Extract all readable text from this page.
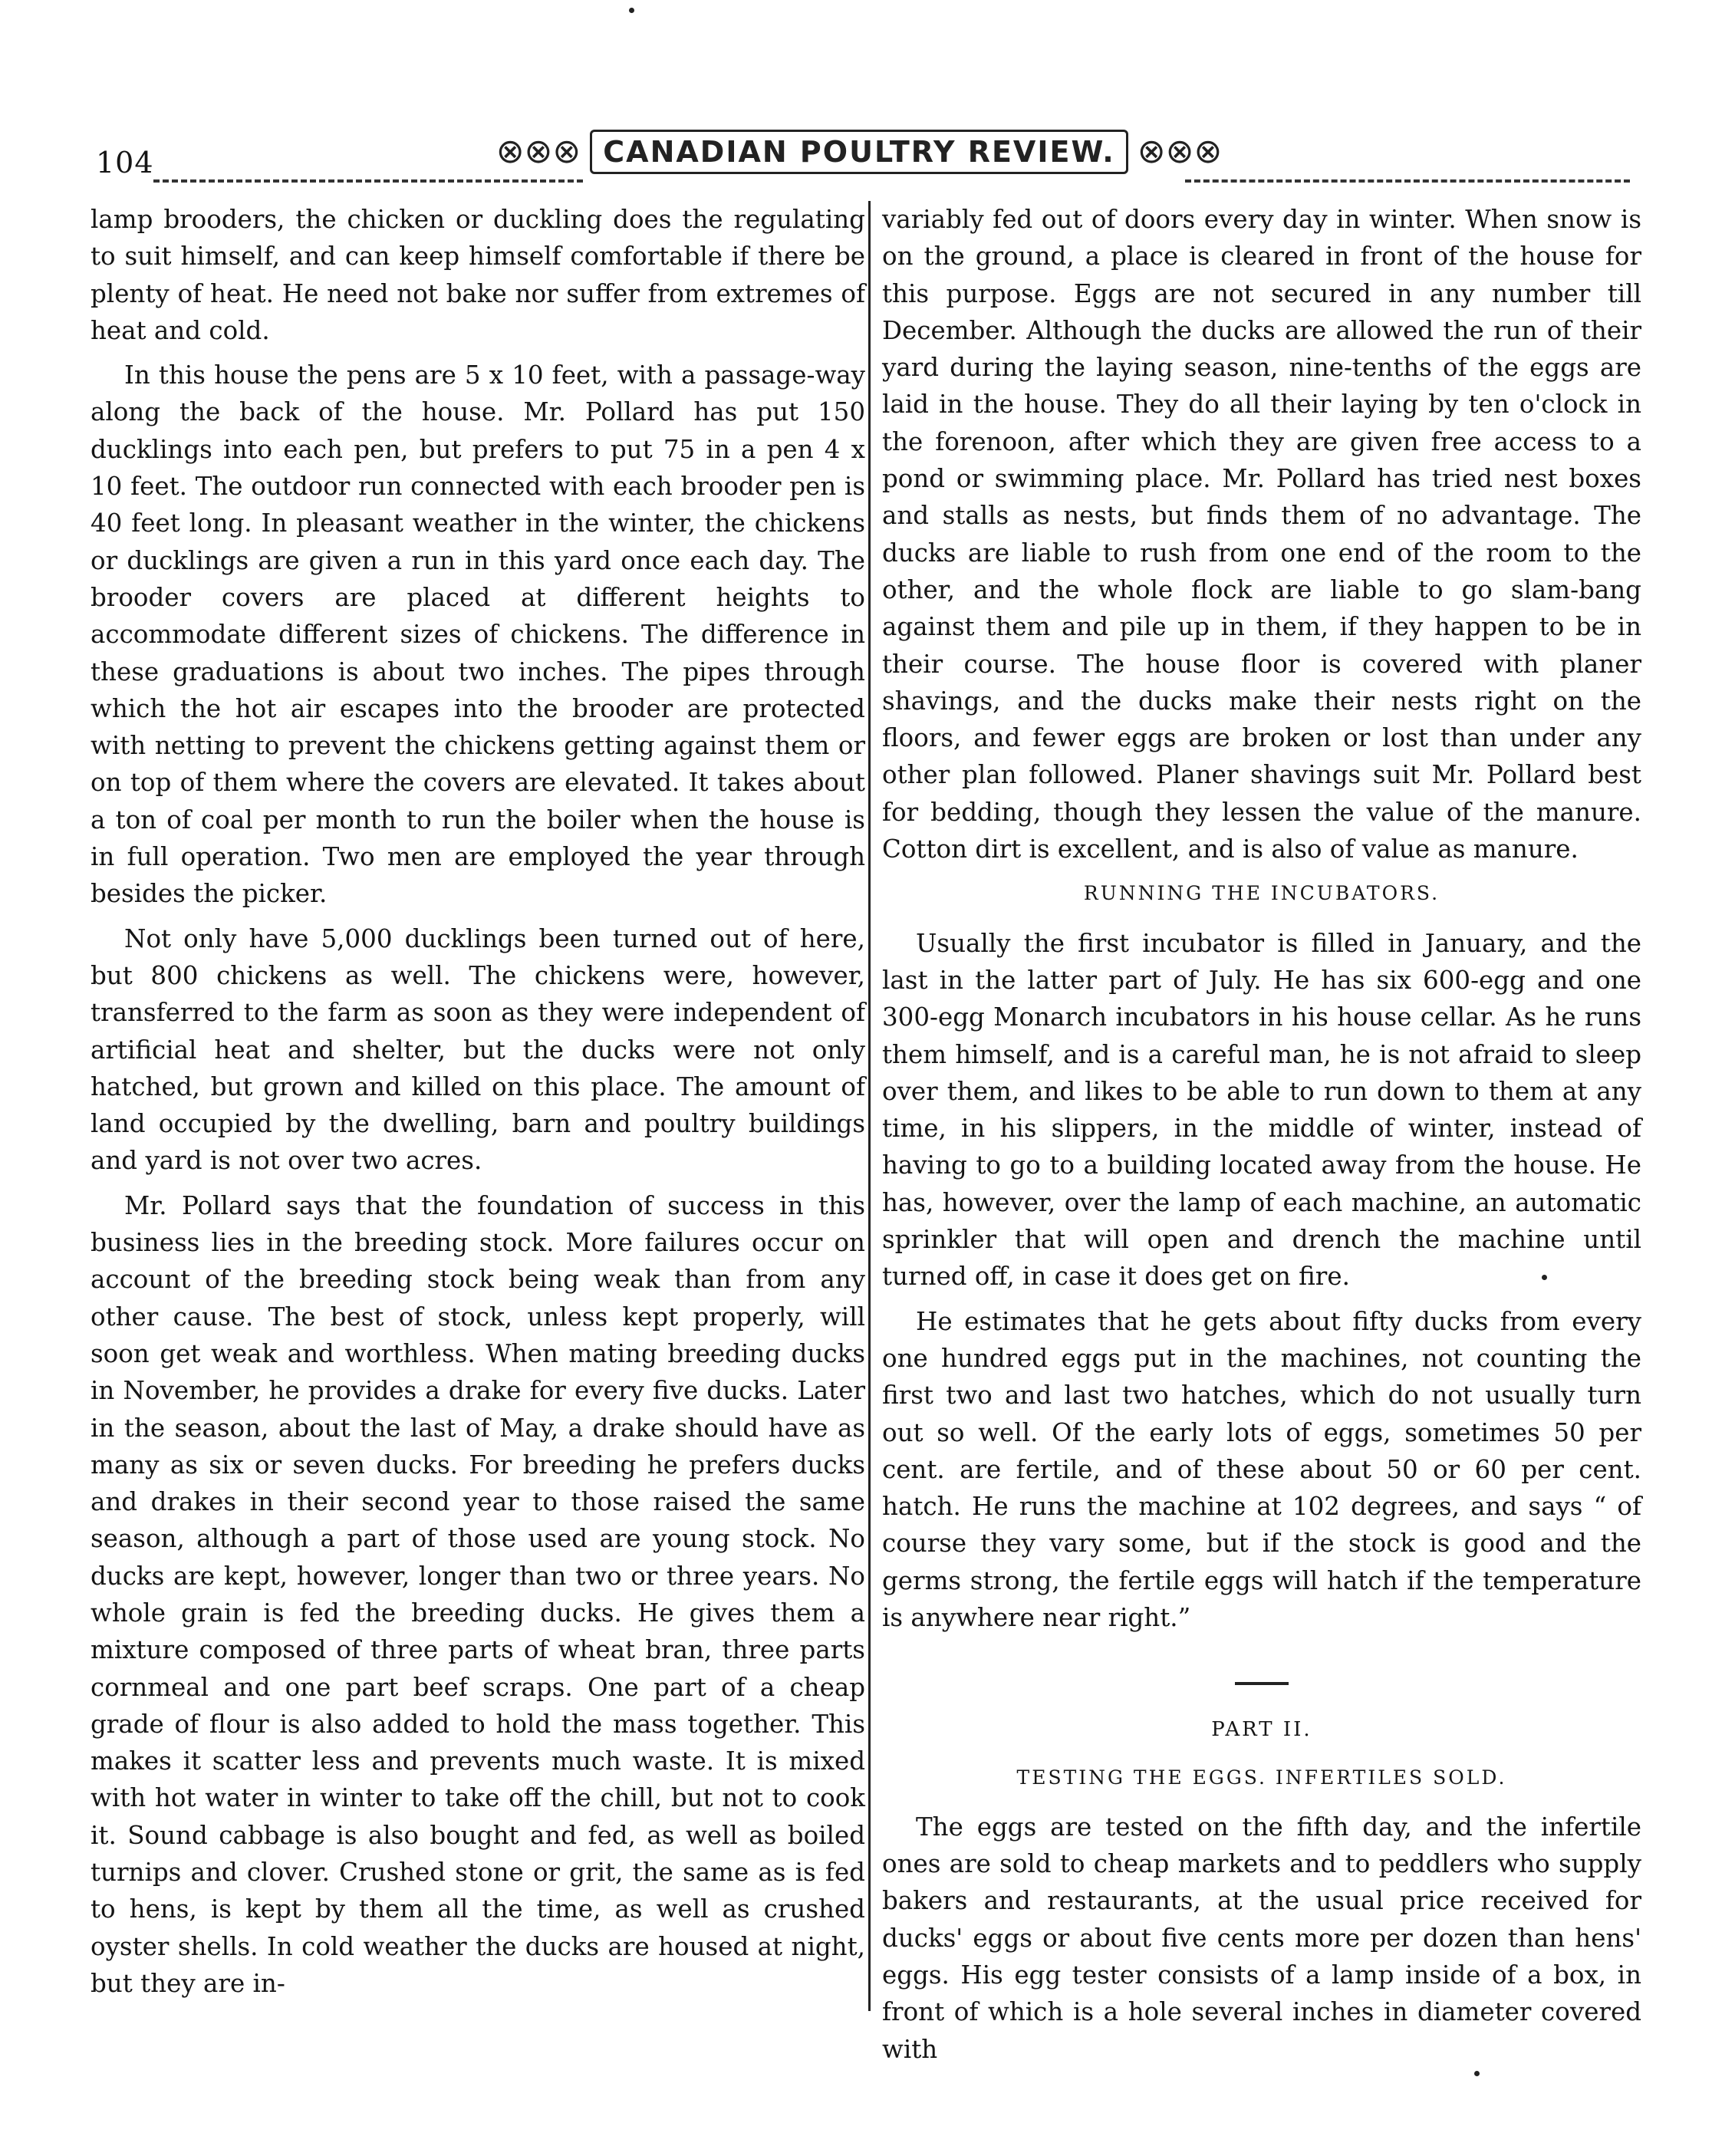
104	⊗⊗⊗ CANADIAN POULTRY REVIEW. ⊗⊗⊗

lamp brooders, the chicken or duckling does the regulating to suit himself, and can keep himself comfortable if there be plenty of heat. He need not bake nor suffer from extremes of heat and cold.

In this house the pens are 5 x 10 feet, with a passage-way along the back of the house. Mr. Pollard has put 150 ducklings into each pen, but prefers to put 75 in a pen 4 x 10 feet. The outdoor run connected with each brooder pen is 40 feet long. In pleasant weather in the winter, the chickens or ducklings are given a run in this yard once each day. The brooder covers are placed at different heights to accommodate different sizes of chickens. The difference in these graduations is about two inches. The pipes through which the hot air escapes into the brooder are protected with netting to prevent the chickens getting against them or on top of them where the covers are elevated. It takes about a ton of coal per month to run the boiler when the house is in full operation. Two men are employed the year through besides the picker.

Not only have 5,000 ducklings been turned out of here, but 800 chickens as well. The chickens were, however, transferred to the farm as soon as they were independent of artificial heat and shelter, but the ducks were not only hatched, but grown and killed on this place. The amount of land occupied by the dwelling, barn and poultry buildings and yard is not over two acres.

Mr. Pollard says that the foundation of success in this business lies in the breeding stock. More failures occur on account of the breeding stock being weak than from any other cause. The best of stock, unless kept properly, will soon get weak and worthless. When mating breeding ducks in November, he provides a drake for every five ducks. Later in the season, about the last of May, a drake should have as many as six or seven ducks. For breeding he prefers ducks and drakes in their second year to those raised the same season, although a part of those used are young stock. No ducks are kept, however, longer than two or three years. No whole grain is fed the breeding ducks. He gives them a mixture composed of three parts of wheat bran, three parts cornmeal and one part beef scraps. One part of a cheap grade of flour is also added to hold the mass together. This makes it scatter less and prevents much waste. It is mixed with hot water in winter to take off the chill, but not to cook it. Sound cabbage is also bought and fed, as well as boiled turnips and clover. Crushed stone or grit, the same as is fed to hens, is kept by them all the time, as well as crushed oyster shells. In cold weather the ducks are housed at night, but they are in-

variably fed out of doors every day in winter. When snow is on the ground, a place is cleared in front of the house for this purpose. Eggs are not secured in any number till December. Although the ducks are allowed the run of their yard during the laying season, nine-tenths of the eggs are laid in the house. They do all their laying by ten o'clock in the forenoon, after which they are given free access to a pond or swimming place. Mr. Pollard has tried nest boxes and stalls as nests, but finds them of no advantage. The ducks are liable to rush from one end of the room to the other, and the whole flock are liable to go slam-bang against them and pile up in them, if they happen to be in their course. The house floor is covered with planer shavings, and the ducks make their nests right on the floors, and fewer eggs are broken or lost than under any other plan followed. Planer shavings suit Mr. Pollard best for bedding, though they lessen the value of the manure. Cotton dirt is excellent, and is also of value as manure.

RUNNING THE INCUBATORS.

Usually the first incubator is filled in January, and the last in the latter part of July. He has six 600-egg and one 300-egg Monarch incubators in his house cellar. As he runs them himself, and is a careful man, he is not afraid to sleep over them, and likes to be able to run down to them at any time, in his slippers, in the middle of winter, instead of having to go to a building located away from the house. He has, however, over the lamp of each machine, an automatic sprinkler that will open and drench the machine until turned off, in case it does get on fire.

He estimates that he gets about fifty ducks from every one hundred eggs put in the machines, not counting the first two and last two hatches, which do not usually turn out so well. Of the early lots of eggs, sometimes 50 per cent. are fertile, and of these about 50 or 60 per cent. hatch. He runs the machine at 102 degrees, and says “ of course they vary some, but if the stock is good and the germs strong, the fertile eggs will hatch if the temperature is anywhere near right.”

PART II.
TESTING THE EGGS. INFERTILES SOLD.

The eggs are tested on the fifth day, and the infertile ones are sold to cheap markets and to peddlers who supply bakers and restaurants, at the usual price received for ducks' eggs or about five cents more per dozen than hens' eggs. His egg tester consists of a lamp inside of a box, in front of which is a hole several inches in diameter covered with
